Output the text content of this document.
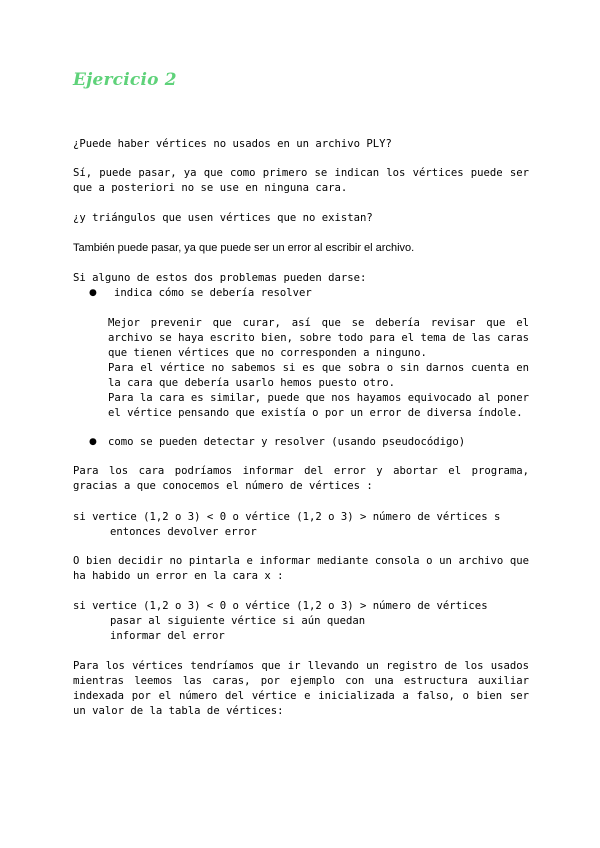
Ejercicio 2

¿Puede haber vértices no usados en un archivo PLY?

Sí, puede pasar, ya que como primero se indican los vértices puede ser que a posteriori no se use en ninguna cara.

¿y triángulos que usen vértices que no existan?

También puede pasar, ya que puede ser un error al escribir el archivo.

Si alguno de estos dos problemas pueden darse:

● indica cómo se debería resolver

Mejor prevenir que curar, así que se debería revisar que el archivo se haya escrito bien, sobre todo para el tema de las caras que tienen vértices que no corresponden a ninguno.
Para el vértice no sabemos si es que sobra o sin darnos cuenta en la cara que debería usarlo hemos puesto otro.
Para la cara es similar, puede que nos hayamos equivocado al poner el vértice pensando que existía o por un error de diversa índole.
● como se pueden detectar y resolver (usando pseudocódigo)

Para los cara podríamos informar del error y abortar el programa, gracias a que conocemos el número de vértices :

si vertice (1,2 o 3) < 0 o vértice (1,2 o 3) > número de vértices s
entonces devolver error

O bien decidir no pintarla e informar mediante consola o un archivo que ha habido un error en la cara x :

si vertice (1,2 o 3) < 0 o vértice (1,2 o 3) > número de vértices
pasar al siguiente vértice si aún quedan
informar del error

Para los vértices tendríamos que ir llevando un registro de los usados mientras leemos las caras, por ejemplo con una estructura auxiliar indexada por el número del vértice e inicializada a falso, o bien ser un valor de la tabla de vértices:
